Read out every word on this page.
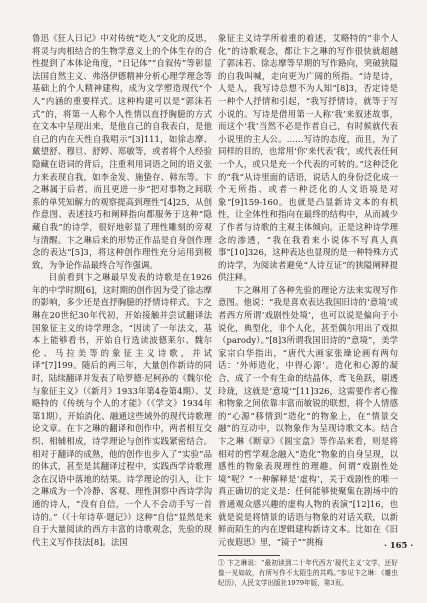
鲁迅《狂人日记》中对传统“吃人”文化的反思，将灵与肉相结合的生物学意义上的个体生存的合性提到了本体论角度，“日记体”“自叙传”等彰显法国自然主义、弗洛伊德精神分析心理学理念等基础上的个人精神建构，成为文学塑造现代“个人”内涵的重要样式。这种构建可以是“郭沫若式”的，将第一人称个人性情以直抒胸臆的方式在文本中呈现出来，是他自己的自我表白，是他自己的内在天性自我唱示”[3]111，如徐志摩、戴望舒、穆旦、舒婷、郑敏等，或者将个人经验隐藏在语词的背后，注重利用词语之间的语义张力来表现自我，如李金发、施蛰存、韩东等。卞之琳属于后者，而且更进一步“把对事物之间联系的单凭知解力的观察提高到理性”[4]25，从创作意图、表述技巧和阐释指向都服务于这种“隐藏自我”的诗学，很好地彰显了理性雕刻的旁观与清醒。卞之琳后来的形势正作品是自身创作理念的表达”[5]3，将这种创作理性充分运用到极致，为争论作品最终合写作强调。

目前看到卞之琳最早发表的诗歌是在1926年的中学时期[6]，这时期的创作因为受了徐志摩的影响，多少还是直抒胸臆的抒情诗样式。卞之琳在20世纪30年代初，开始接触并尝试翻译法国象征主义的诗学理念，“因读了一年法文，基本上能够看书，开始自行选读波德莱尔、魏尔伦、马拉美等的象征主义诗歌，并试译”[7]199。随后的两三年，大量创作新诗的同时，陆续翻译并发表了哈罗德·尼柯孙的《魏尔伦与象征主义》（《新月》1933年第4卷第4期）、艾略特的《传统与个人的才能》（《学文》1934年第1期），开始消化、融通这些域外的现代诗歌理论文章。在卞之琳的翻译和创作中，两者相互交织、相辅相成，诗学理论与创作实践紧密结合。相对于翻译的成熟，他的创作也步入了“实验”品的体式，甚至是其翻译过程中，实践西学诗歌理念在汉语中落地的结果。诗学理论的引入，让卞之琳成为一个冷静、客观、理性洞察中西诗学沟通的诗人，“没有自信，一个人不会动手写一首诗的。”（《十年诗草·题记》）这种“自信”显然是来自于大量阅读的西方丰富的诗歌观念，先验的现代主义写作技法[8]。法国

象征主义诗学所着重的着述，艾略特的“非个人化”的诗歌观念，都让卞之琳的写作很快就超越了郭沫若、徐志摩等早期的写作路向，突破狭隘的自我叫喊，走向更为广阔的所指。“诗是诗，人是人，我写诗总想不为人知”[8]3，否定诗是一种个人抒情和引起，“我写抒情诗，就等于写小说的。写诗是借用第一人称‘我’来叙述故事，而这个‘我’当然不必是作者自己，有时候就代表小说里的主人公。……写诗的态度，而且，为了同样的目的，也常用‘你’来代表‘我’，或代表任何一个人，或只是充一个代表的可转的。”这种泛化的“我”从诗里面的话语，说话人的身份泛化成一个无所指、或者一种泛化的人文语境是对象”[9]159-160。也就是凸显新诗文本的有机性，让全体性和指向在最终的结构中，从而减少了作者与诗歌的主观主体倾向。正是这种诗学理念的渗透，“我在我看来小说体不写真人真事”[10]326，这种表达也显现的是一种特殊方式的诗学，为阅读者避免“人诗互证”的狭隘阐释提供注释。

卞之琳用了各种先验的理论方法来实现写作意图。他说：“我是喜欢表达我国旧诗的‘意境’或者西方所谓‘戏剧性处境’，也可以说是偏向于小说化，典型化，非个人化，甚至偶尔用出了戏拟（parody）。”[8]3所谓我国旧诗的“意境”，美学家宗白华指出，“唐代大画家张璪论画有两句话：‘外师造化，中得心源’。造化和心源的凝合，成了一个有生命的结晶体，鸢飞鱼跃，剔透玲珑，这就是‘意境’”[11]326，这需要作者心像和物象之间依靠丰富而敏锐的联想，将个人情感的“心源”移情到“造化”的物象上，在“情景交融”的互动中，以物象作为呈现诗歌文本。结合卞之琳《断章》《圆宝盒》等作品来看，则是将相对的哲学观念融入“造化”物象的自身呈现，以感性的物象表现理性的理趣。何谓“戏剧性处境”呢？“一种解释是‘虚构’，关于戏剧性的唯一真正确切的定义是：任何能够使聚集在剧场中的普通观众感兴趣的虚构人物的表演”[12]16，也就是说是将情景的话语与物象的对话关联，以新鲜而陌生的内在逻辑建构新诗文本。比如在《旧元夜遐思》里，“镜子”“挑梅	· 165 ·
① 卞之琳说：“最初读到二十年代西方‘现代主义’文学，还好像一见如故，有所写作不太陌生的共鸣。”参见卞之琳：《雕虫纪历》，人民文学出版社1979年版，第3页。
